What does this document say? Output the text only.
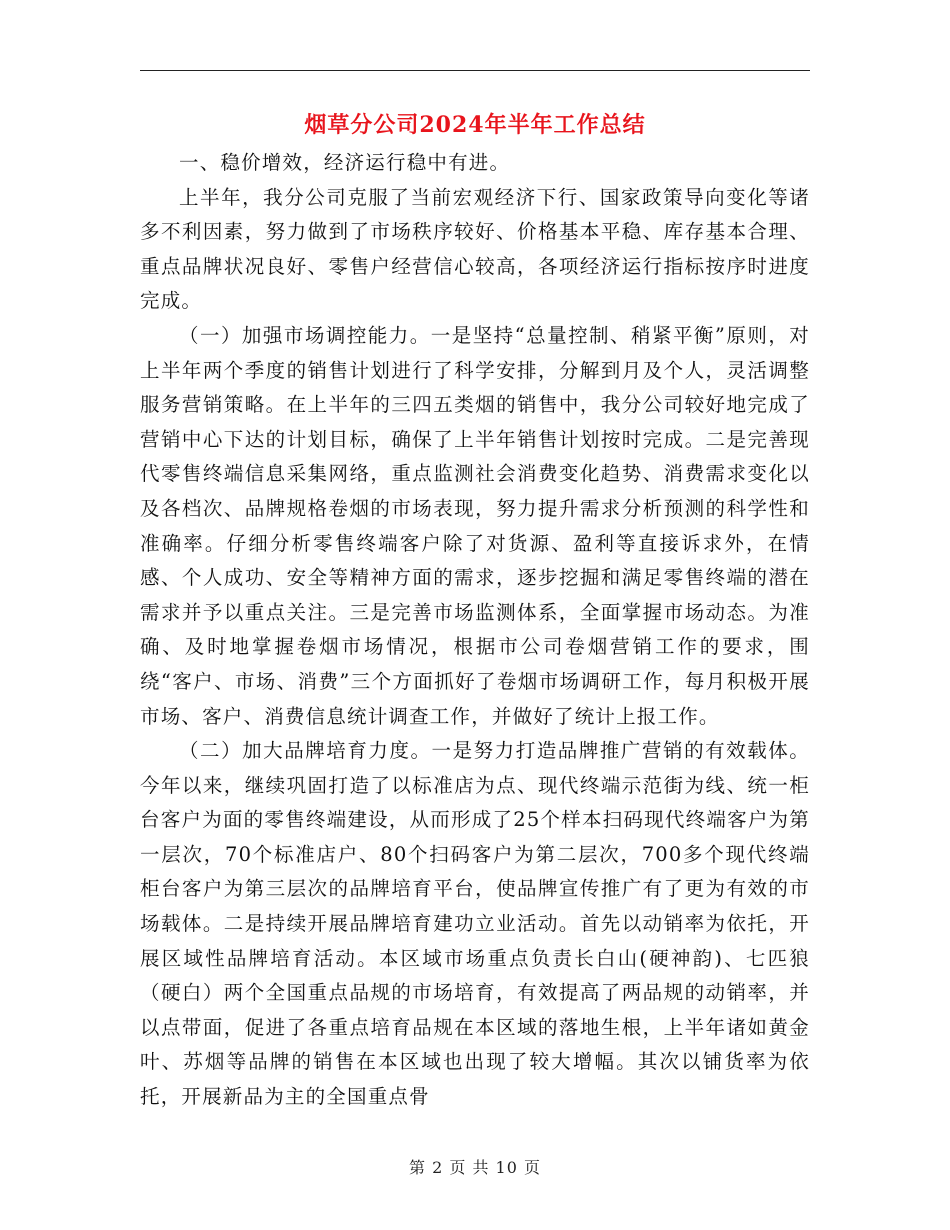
烟草分公司2024年半年工作总结

一、稳价增效，经济运行稳中有进。

上半年，我分公司克服了当前宏观经济下行、国家政策导向变化等诸多不利因素，努力做到了市场秩序较好、价格基本平稳、库存基本合理、重点品牌状况良好、零售户经营信心较高，各项经济运行指标按序时进度完成。

（一）加强市场调控能力。一是坚持“总量控制、稍紧平衡”原则，对上半年两个季度的销售计划进行了科学安排，分解到月及个人，灵活调整服务营销策略。在上半年的三四五类烟的销售中，我分公司较好地完成了营销中心下达的计划目标，确保了上半年销售计划按时完成。二是完善现代零售终端信息采集网络，重点监测社会消费变化趋势、消费需求变化以及各档次、品牌规格卷烟的市场表现，努力提升需求分析预测的科学性和准确率。仔细分析零售终端客户除了对货源、盈利等直接诉求外，在情感、个人成功、安全等精神方面的需求，逐步挖掘和满足零售终端的潜在需求并予以重点关注。三是完善市场监测体系，全面掌握市场动态。为准确、及时地掌握卷烟市场情况，根据市公司卷烟营销工作的要求，围绕“客户、市场、消费”三个方面抓好了卷烟市场调研工作，每月积极开展市场、客户、消费信息统计调查工作，并做好了统计上报工作。

（二）加大品牌培育力度。一是努力打造品牌推广营销的有效载体。今年以来，继续巩固打造了以标准店为点、现代终端示范街为线、统一柜台客户为面的零售终端建设，从而形成了25个样本扫码现代终端客户为第一层次，70个标准店户、80个扫码客户为第二层次，700多个现代终端柜台客户为第三层次的品牌培育平台，使品牌宣传推广有了更为有效的市场载体。二是持续开展品牌培育建功立业活动。首先以动销率为依托，开展区域性品牌培育活动。本区域市场重点负责长白山(硬神韵)、七匹狼（硬白）两个全国重点品规的市场培育，有效提高了两品规的动销率，并以点带面，促进了各重点培育品规在本区域的落地生根，上半年诸如黄金叶、苏烟等品牌的销售在本区域也出现了较大增幅。其次以铺货率为依托，开展新品为主的全国重点骨

第 2 页 共 10 页
